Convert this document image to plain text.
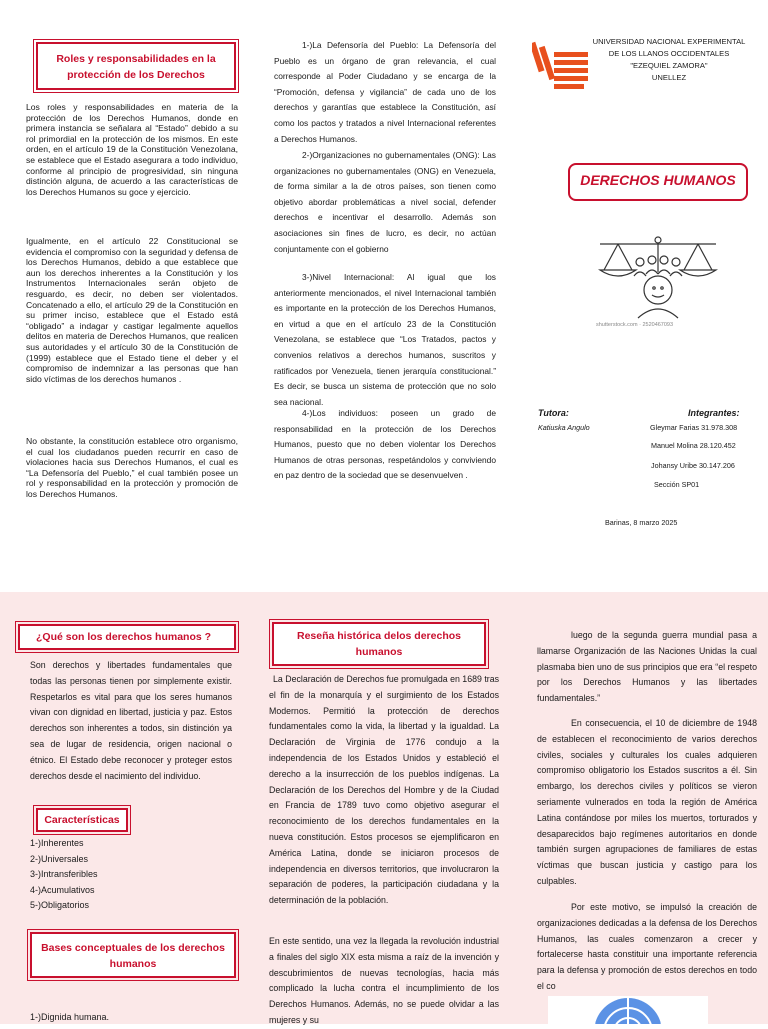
Roles y responsabilidades en la protección de los Derechos
Los roles y responsabilidades en materia de la protección de los Derechos Humanos, donde en primera instancia se señalara al “Estado” debido a su rol primordial en la protección de los mismos. En este orden, en el artículo 19 de la Constitución Venezolana, se establece que el Estado asegurara a todo individuo, conforme al principio de progresividad, sin ninguna distinción alguna, de acuerdo a las características de los Derechos Humanos su goce y ejercicio.
Igualmente, en el artículo 22 Constitucional se evidencia el compromiso con la seguridad y defensa de los Derechos Humanos, debido a que establece que aun los derechos inherentes a la Constitución y los Instrumentos Internacionales serán objeto de resguardo, es decir, no deben ser violentados. Concatenado a ello, el artículo 29 de la Constitución en su primer inciso, establece que el Estado está “obligado” a indagar y castigar legalmente aquellos delitos en materia de Derechos Humanos, que realicen sus autoridades y el artículo 30 de la Constitución de (1999) establece que el Estado tiene el deber y el compromiso de indemnizar a las personas que han sido víctimas de los derechos humanos .
No obstante, la constitución establece otro organismo, el cual los ciudadanos pueden recurrir en caso de violaciones hacia sus Derechos Humanos, el cual es “La Defensoría del Pueblo,” el cual también posee un rol y responsabilidad en la protección y promoción de los Derechos Humanos.
1-)La Defensoría del Pueblo: La Defensoría del Pueblo es un órgano de gran relevancia, el cual corresponde al Poder Ciudadano y se encarga de la “Promoción, defensa y vigilancia” de cada uno de los derechos y garantías que establece la Constitución, así como los pactos y tratados a nivel Internacional referentes a Derechos Humanos.
2-)Organizaciones no gubernamentales (ONG): Las organizaciones no gubernamentales (ONG) en Venezuela, de forma similar a la de otros países, son tienen como objetivo abordar problemáticas a nivel social, defender derechos e incentivar el desarrollo. Además son asociaciones sin fines de lucro, es decir, no actúan conjuntamente con el gobierno
3-)Nivel Internacional: Al igual que los anteriormente mencionados, el nivel Internacional también es importante en la protección de los Derechos Humanos, en virtud a que en el artículo 23 de la Constitución Venezolana, se establece que “Los Tratados, pactos y convenios relativos a derechos humanos, suscritos y ratificados por Venezuela, tienen jerarquía constitucional.” Es decir, se busca un sistema de protección que no solo sea nacional.
4-)Los individuos: poseen un grado de responsabilidad en la protección de los Derechos Humanos, puesto que no deben violentar los Derechos Humanos de otras personas, respetándolos y conviviendo en paz dentro de la sociedad que se desenvuelven .
UNIVERSIDAD NACIONAL EXPERIMENTAL
DE LOS LLANOS OCCIDENTALES
"EZEQUIEL ZAMORA"
UNELLEZ
DERECHOS HUMANOS
shutterstock.com · 2520467093
Tutora:
Katiuska Angulo
Integrantes:
Gleymar Farias 31.978.308
Manuel Molina 28.120.452
Johansy Uribe 30.147.206
Sección SP01
Barinas, 8 marzo 2025
¿Qué son los derechos humanos ?
Son derechos y libertades fundamentales que todas las personas tienen por simplemente existir. Respetarlos es vital para que los seres humanos vivan con dignidad en libertad, justicia y paz. Estos derechos son inherentes a todos, sin distinción ya sea de lugar de residencia, origen nacional o étnico. El Estado debe reconocer y proteger estos derechos desde el nacimiento del individuo.
Características
1-)Inherentes
2-)Universales
3-)Intransferibles
4-)Acumulativos
5-)Obligatorios
Bases conceptuales de los derechos humanos
1-)Dignida humana.
Reseña histórica delos derechos humanos
La Declaración de Derechos fue promulgada en 1689 tras el fin de la monarquía y el surgimiento de los Estados Modernos. Permitió la protección de derechos fundamentales como la vida, la libertad y la igualdad. La Declaración de Virginia de 1776 condujo a la independencia de los Estados Unidos y estableció el derecho a la insurrección de los pueblos indígenas. La Declaración de los Derechos del Hombre y de la Ciudad en Francia de 1789 tuvo como objetivo asegurar el reconocimiento de los derechos fundamentales en la nueva constitución. Estos procesos se ejemplificaron en América Latina, donde se iniciaron procesos de independencia en diversos territorios, que involucraron la separación de poderes, la participación ciudadana y la determinación de la población.
En este sentido, una vez la llegada la revolución industrial a finales del siglo XIX esta misma a raíz de la invención y descubrimientos de nuevas tecnologías, hacia más complicado la lucha contra el incumplimiento de los Derechos Humanos. Además, no se puede olvidar a las mujeres y su
luego de la segunda guerra mundial pasa a llamarse Organización de las Naciones Unidas la cual plasmaba bien uno de sus principios que era “el respeto por los Derechos Humanos y las libertades fundamentales.”
En consecuencia, el 10 de diciembre de 1948 de establecen el reconocimiento de varios derechos civiles, sociales y culturales los cuales adquieren compromiso obligatorio los Estados suscritos a él. Sin embargo, los derechos civiles y políticos se vieron seriamente vulnerados en toda la región de América Latina contándose por miles los muertos, torturados y desaparecidos bajo regímenes autoritarios en donde también surgen agrupaciones de familiares de estas víctimas que buscan justicia y castigo para los culpables.
Por este motivo, se impulsó la creación de organizaciones dedicadas a la defensa de los Derechos Humanos, las cuales comenzaron a crecer y fortalecerse hasta constituir una importante referencia para la defensa y promoción de estos derechos en todo el co
